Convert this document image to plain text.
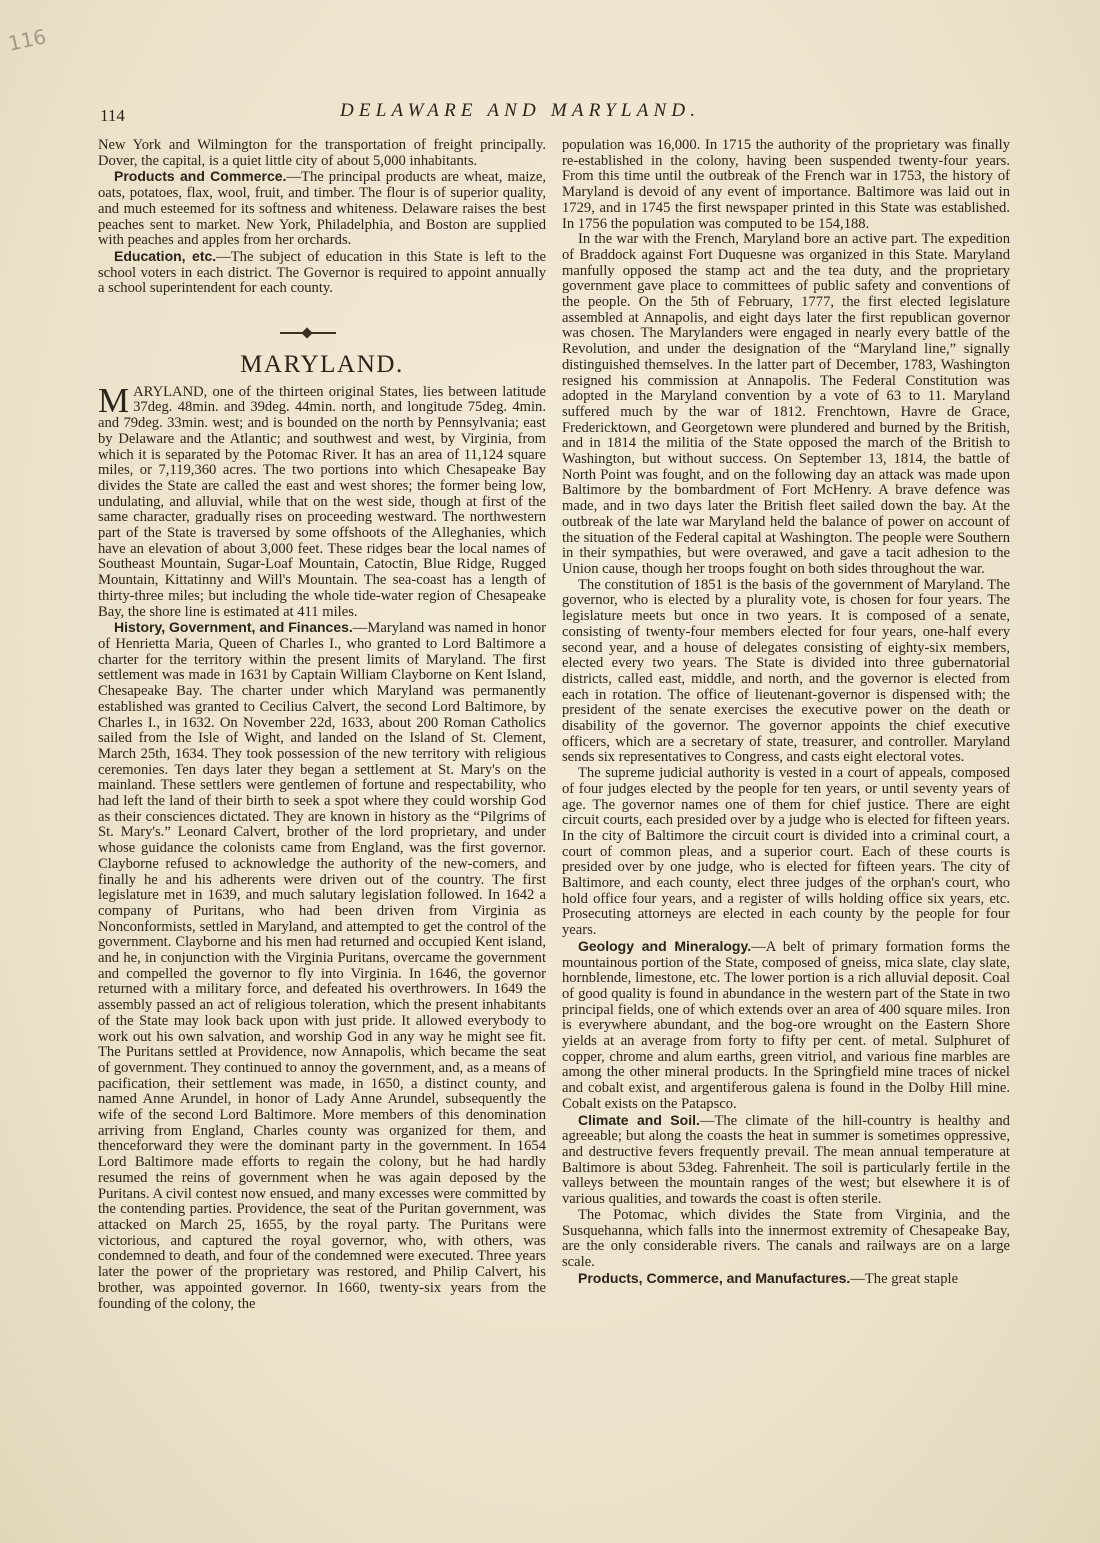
116
114	DELAWARE AND MARYLAND.

New York and Wilmington for the transportation of freight principally. Dover, the capital, is a quiet little city of about 5,000 inhabitants.

Products and Commerce.—The principal products are wheat, maize, oats, potatoes, flax, wool, fruit, and timber. The flour is of superior quality, and much esteemed for its softness and whiteness. Delaware raises the best peaches sent to market. New York, Philadelphia, and Boston are supplied with peaches and apples from her orchards.

Education, etc.—The subject of education in this State is left to the school voters in each district. The Governor is required to appoint annually a school superintendent for each county.

MARYLAND.

MARYLAND, one of the thirteen original States, lies between latitude 37deg. 48min. and 39deg. 44min. north, and longitude 75deg. 4min. and 79deg. 33min. west; and is bounded on the north by Pennsylvania; east by Delaware and the Atlantic; and southwest and west, by Virginia, from which it is separated by the Potomac River. It has an area of 11,124 square miles, or 7,119,360 acres. The two portions into which Chesapeake Bay divides the State are called the east and west shores; the former being low, undulating, and alluvial, while that on the west side, though at first of the same character, gradually rises on proceeding westward. The northwestern part of the State is traversed by some offshoots of the Alleghanies, which have an elevation of about 3,000 feet. These ridges bear the local names of Southeast Mountain, Sugar-Loaf Mountain, Catoctin, Blue Ridge, Rugged Mountain, Kittatinny and Will's Mountain. The sea-coast has a length of thirty-three miles; but including the whole tide-water region of Chesapeake Bay, the shore line is estimated at 411 miles.

History, Government, and Finances.—Maryland was named in honor of Henrietta Maria, Queen of Charles I., who granted to Lord Baltimore a charter for the territory within the present limits of Maryland. The first settlement was made in 1631 by Captain William Clayborne on Kent Island, Chesapeake Bay. The charter under which Maryland was permanently established was granted to Cecilius Calvert, the second Lord Baltimore, by Charles I., in 1632. On November 22d, 1633, about 200 Roman Catholics sailed from the Isle of Wight, and landed on the Island of St. Clement, March 25th, 1634. They took possession of the new territory with religious ceremonies. Ten days later they began a settlement at St. Mary's on the mainland. These settlers were gentlemen of fortune and respectability, who had left the land of their birth to seek a spot where they could worship God as their consciences dictated. They are known in history as the “Pilgrims of St. Mary's.” Leonard Calvert, brother of the lord proprietary, and under whose guidance the colonists came from England, was the first governor. Clayborne refused to acknowledge the authority of the new-comers, and finally he and his adherents were driven out of the country. The first legislature met in 1639, and much salutary legislation followed. In 1642 a company of Puritans, who had been driven from Virginia as Nonconformists, settled in Maryland, and attempted to get the control of the government. Clayborne and his men had returned and occupied Kent island, and he, in conjunction with the Virginia Puritans, overcame the government and compelled the governor to fly into Virginia. In 1646, the governor returned with a military force, and defeated his overthrowers. In 1649 the assembly passed an act of religious toleration, which the present inhabitants of the State may look back upon with just pride. It allowed everybody to work out his own salvation, and worship God in any way he might see fit. The Puritans settled at Providence, now Annapolis, which became the seat of government. They continued to annoy the government, and, as a means of pacification, their settlement was made, in 1650, a distinct county, and named Anne Arundel, in honor of Lady Anne Arundel, subsequently the wife of the second Lord Baltimore. More members of this denomination arriving from England, Charles county was organized for them, and thenceforward they were the dominant party in the government. In 1654 Lord Baltimore made efforts to regain the colony, but he had hardly resumed the reins of government when he was again deposed by the Puritans. A civil contest now ensued, and many excesses were committed by the contending parties. Providence, the seat of the Puritan government, was attacked on March 25, 1655, by the royal party. The Puritans were victorious, and captured the royal governor, who, with others, was condemned to death, and four of the condemned were executed. Three years later the power of the proprietary was restored, and Philip Calvert, his brother, was appointed governor. In 1660, twenty-six years from the founding of the colony, the

population was 16,000. In 1715 the authority of the proprietary was finally re-established in the colony, having been suspended twenty-four years. From this time until the outbreak of the French war in 1753, the history of Maryland is devoid of any event of importance. Baltimore was laid out in 1729, and in 1745 the first newspaper printed in this State was established. In 1756 the population was computed to be 154,188.

In the war with the French, Maryland bore an active part. The expedition of Braddock against Fort Duquesne was organized in this State. Maryland manfully opposed the stamp act and the tea duty, and the proprietary government gave place to committees of public safety and conventions of the people. On the 5th of February, 1777, the first elected legislature assembled at Annapolis, and eight days later the first republican governor was chosen. The Marylanders were engaged in nearly every battle of the Revolution, and under the designation of the “Maryland line,” signally distinguished themselves. In the latter part of December, 1783, Washington resigned his commission at Annapolis. The Federal Constitution was adopted in the Maryland convention by a vote of 63 to 11. Maryland suffered much by the war of 1812. Frenchtown, Havre de Grace, Fredericktown, and Georgetown were plundered and burned by the British, and in 1814 the militia of the State opposed the march of the British to Washington, but without success. On September 13, 1814, the battle of North Point was fought, and on the following day an attack was made upon Baltimore by the bombardment of Fort McHenry. A brave defence was made, and in two days later the British fleet sailed down the bay. At the outbreak of the late war Maryland held the balance of power on account of the situation of the Federal capital at Washington. The people were Southern in their sympathies, but were overawed, and gave a tacit adhesion to the Union cause, though her troops fought on both sides throughout the war.

The constitution of 1851 is the basis of the government of Maryland. The governor, who is elected by a plurality vote, is chosen for four years. The legislature meets but once in two years. It is composed of a senate, consisting of twenty-four members elected for four years, one-half every second year, and a house of delegates consisting of eighty-six members, elected every two years. The State is divided into three gubernatorial districts, called east, middle, and north, and the governor is elected from each in rotation. The office of lieutenant-governor is dispensed with; the president of the senate exercises the executive power on the death or disability of the governor. The governor appoints the chief executive officers, which are a secretary of state, treasurer, and controller. Maryland sends six representatives to Congress, and casts eight electoral votes.

The supreme judicial authority is vested in a court of appeals, composed of four judges elected by the people for ten years, or until seventy years of age. The governor names one of them for chief justice. There are eight circuit courts, each presided over by a judge who is elected for fifteen years. In the city of Baltimore the circuit court is divided into a criminal court, a court of common pleas, and a superior court. Each of these courts is presided over by one judge, who is elected for fifteen years. The city of Baltimore, and each county, elect three judges of the orphan's court, who hold office four years, and a register of wills holding office six years, etc. Prosecuting attorneys are elected in each county by the people for four years.

Geology and Mineralogy.—A belt of primary formation forms the mountainous portion of the State, composed of gneiss, mica slate, clay slate, hornblende, limestone, etc. The lower portion is a rich alluvial deposit. Coal of good quality is found in abundance in the western part of the State in two principal fields, one of which extends over an area of 400 square miles. Iron is everywhere abundant, and the bog-ore wrought on the Eastern Shore yields at an average from forty to fifty per cent. of metal. Sulphuret of copper, chrome and alum earths, green vitriol, and various fine marbles are among the other mineral products. In the Springfield mine traces of nickel and cobalt exist, and argentiferous galena is found in the Dolby Hill mine. Cobalt exists on the Patapsco.

Climate and Soil.—The climate of the hill-country is healthy and agreeable; but along the coasts the heat in summer is sometimes oppressive, and destructive fevers frequently prevail. The mean annual temperature at Baltimore is about 53deg. Fahrenheit. The soil is particularly fertile in the valleys between the mountain ranges of the west; but elsewhere it is of various qualities, and towards the coast is often sterile.

The Potomac, which divides the State from Virginia, and the Susquehanna, which falls into the innermost extremity of Chesapeake Bay, are the only considerable rivers. The canals and railways are on a large scale.

Products, Commerce, and Manufactures.—The great staple
